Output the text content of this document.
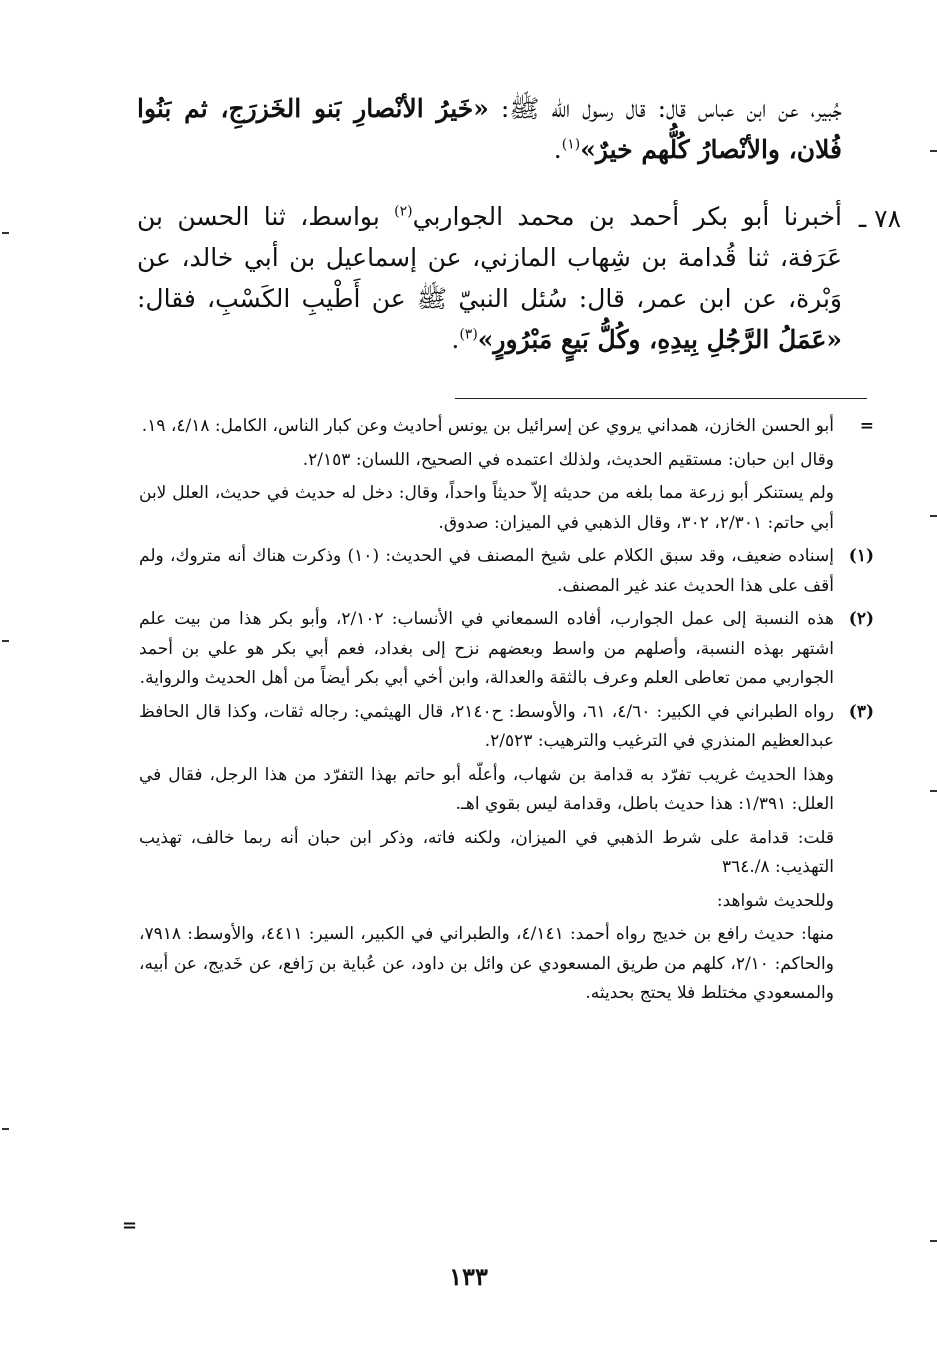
جُبير، عن ابن عباس قال: قال رسول الله ﷺ: «خَيرُ الأنْصارِ بَنو الخَزرَجِ، ثم بَنُوا فُلان، والأنْصارُ كُلُّهم خيرٌ»$^{(١)}$.
٧٨ ـ
أخبرنا أبو بكر أحمد بن محمد الجواربي$^{(٢)}$ بواسط، ثنا الحسن بن عَرَفة، ثنا قُدامة بن شِهاب المازني، عن إسماعيل بن أبي خالد، عن وَبْرة، عن ابن عمر، قال: سُئل النبيّ ﷺ عن أَطْيبِ الكَسْبِ، فقال: «عَمَلُ الرَّجُلِ بِيدِهِ، وكُلُّ بَيعٍ مَبْرُورٍ»$^{(٣)}$.
=

أبو الحسن الخازن، همداني يروي عن إسرائيل بن يونس أحاديث وعن كبار الناس، الكامل: ٤/١٨، ١٩.

وقال ابن حبان: مستقيم الحديث، ولذلك اعتمده في الصحيح، اللسان: ٢/١٥٣.

ولم يستنكر أبو زرعة مما بلغه من حديثه إلاّ حديثاً واحداً، وقال: دخل له حديث في حديث، العلل لابن أبي حاتم: ٢/٣٠١، ٣٠٢، وقال الذهبي في الميزان: صدوق.

(١)

إسناده ضعيف، وقد سبق الكلام على شيخ المصنف في الحديث: (١٠) وذكرت هناك أنه متروك، ولم أقف على هذا الحديث عند غير المصنف.

(٢)

هذه النسبة إلى عمل الجوارب، أفاده السمعاني في الأنساب: ٢/١٠٢، وأبو بكر هذا من بيت علم اشتهر بهذه النسبة، وأصلهم من واسط وبعضهم نزح إلى بغداد، فعم أبي بكر هو علي بن أحمد الجواربي ممن تعاطى العلم وعرف بالثقة والعدالة، وابن أخي أبي بكر أيضاً من أهل الحديث والرواية.

(٣)

رواه الطبراني في الكبير: ٤/٦٠، ٦١، والأوسط: ح٢١٤٠، قال الهيثمي: رجاله ثقات، وكذا قال الحافظ عبدالعظيم المنذري في الترغيب والترهيب: ٢/٥٢٣.

وهذا الحديث غريب تفرّد به قدامة بن شهاب، وأعلّه أبو حاتم بهذا التفرّد من هذا الرجل، فقال في العلل: ١/٣٩١: هذا حديث باطل، وقدامة ليس بقوي اهـ.

قلت: قدامة على شرط الذهبي في الميزان، ولكنه فاته، وذكر ابن حبان أنه ربما خالف، تهذيب التهذيب: ٨/.٣٦٤

وللحديث شواهد:

منها: حديث رافع بن خديج رواه أحمد: ٤/١٤١، والطبراني في الكبير، السير: ٤٤١١، والأوسط: ٧٩١٨، والحاكم: ٢/١٠، كلهم من طريق المسعودي عن وائل بن داود، عن عُباية بن رَافع، عن خَديج، عن أبيه، والمسعودي مختلط فلا يحتج بحديثه.

=
١٣٣
